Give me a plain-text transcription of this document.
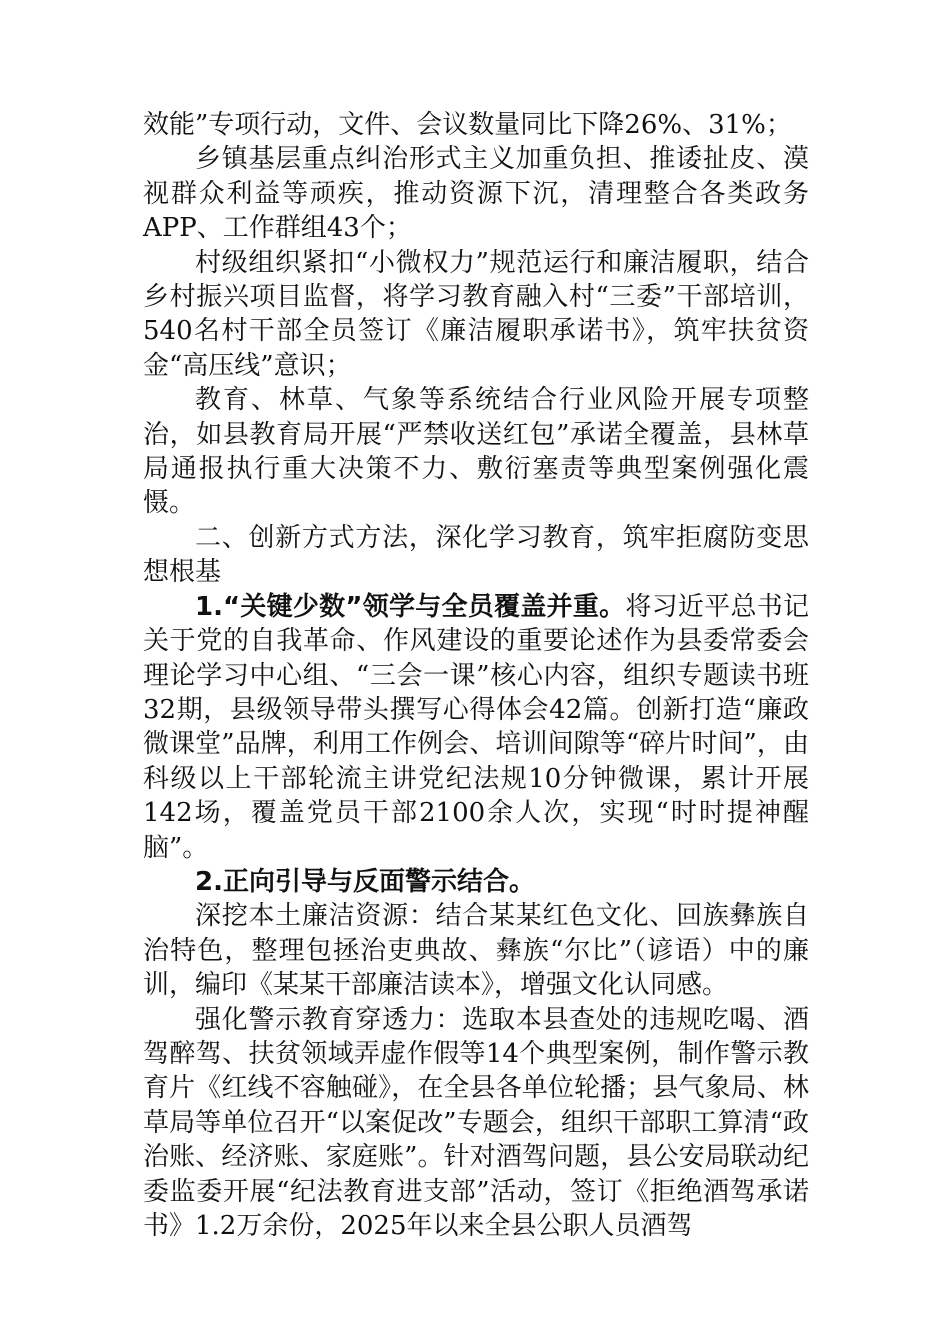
效能”专项行动，文件、会议数量同比下降26%、31%；

乡镇基层重点纠治形式主义加重负担、推诿扯皮、漠视群众利益等顽疾，推动资源下沉，清理整合各类政务APP、工作群组43个；

村级组织紧扣“小微权力”规范运行和廉洁履职，结合乡村振兴项目监督，将学习教育融入村“三委”干部培训，540名村干部全员签订《廉洁履职承诺书》，筑牢扶贫资金“高压线”意识；

教育、林草、气象等系统结合行业风险开展专项整治，如县教育局开展“严禁收送红包”承诺全覆盖，县林草局通报执行重大决策不力、敷衍塞责等典型案例强化震慑。

二、创新方式方法，深化学习教育，筑牢拒腐防变思想根基

1.“关键少数”领学与全员覆盖并重。将习近平总书记关于党的自我革命、作风建设的重要论述作为县委常委会理论学习中心组、“三会一课”核心内容，组织专题读书班32期，县级领导带头撰写心得体会42篇。创新打造“廉政微课堂”品牌，利用工作例会、培训间隙等“碎片时间”，由科级以上干部轮流主讲党纪法规10分钟微课，累计开展142场，覆盖党员干部2100余人次，实现“时时提神醒脑”。

2.正向引导与反面警示结合。

深挖本土廉洁资源：结合某某红色文化、回族彝族自治特色，整理包拯治吏典故、彝族“尔比”（谚语）中的廉训，编印《某某干部廉洁读本》，增强文化认同感。

强化警示教育穿透力：选取本县查处的违规吃喝、酒驾醉驾、扶贫领域弄虚作假等14个典型案例，制作警示教育片《红线不容触碰》，在全县各单位轮播；县气象局、林草局等单位召开“以案促改”专题会，组织干部职工算清“政治账、经济账、家庭账”。针对酒驾问题，县公安局联动纪委监委开展“纪法教育进支部”活动，签订《拒绝酒驾承诺书》1.2万余份，2025年以来全县公职人员酒驾
